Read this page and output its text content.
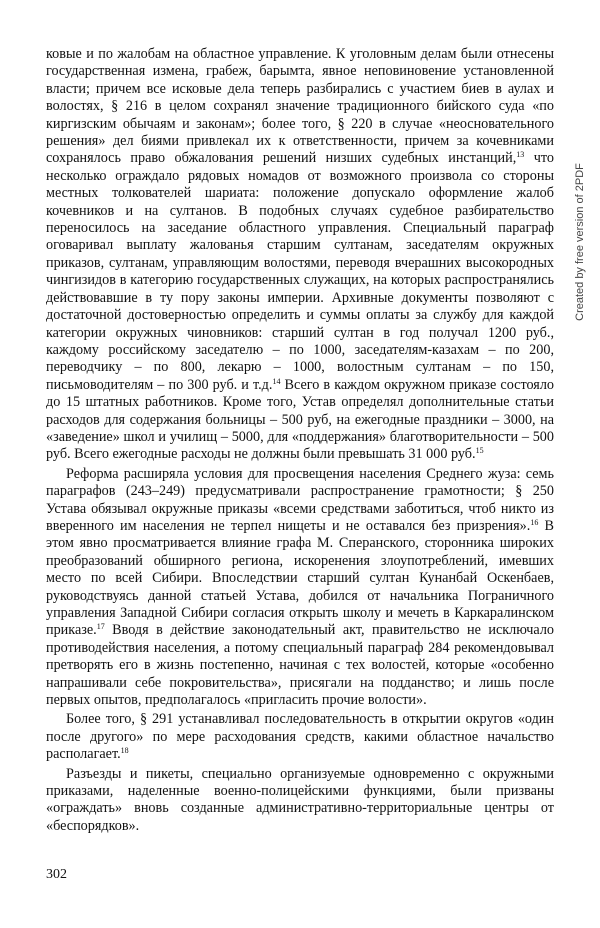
ковые и по жалобам на областное управление. К уголовным делам были отнесены государственная измена, грабеж, барымта, явное неповиновение установленной власти; причем все исковые дела теперь разбирались с участием биев в аулах и волостях, § 216 в целом сохранял значение традиционного бийского суда «по киргизским обычаям и законам»; более того, § 220 в случае «неосновательного решения» дел биями привлекал их к ответственности, причем за кочевниками сохранялось право обжалования решений низших судебных инстанций,$^{13}$ что несколько ограждало рядовых номадов от возможного произвола со стороны местных толкователей шариата: положение допускало оформление жалоб кочевников и на султанов. В подобных случаях судебное разбирательство переносилось на заседание областного управления. Специальный параграф оговаривал выплату жалованья старшим султанам, заседателям окружных приказов, султанам, управляющим волостями, переводя вчерашних высокородных чингизидов в категорию государственных служащих, на которых распространялись действовавшие в ту пору законы империи. Архивные документы позволяют с достаточной достоверностью определить и суммы оплаты за службу для каждой категории окружных чиновников: старший султан в год получал 1200 руб., каждому российскому заседателю – по 1000, заседателям-казахам – по 200, переводчику – по 800, лекарю – 1000, волостным султанам – по 150, письмоводителям – по 300 руб. и т.д.$^{14}$ Всего в каждом окружном приказе состояло до 15 штатных работников. Кроме того, Устав определял дополнительные статьи расходов для содержания больницы – 500 руб, на ежегодные праздники – 3000, на «заведение» школ и училищ – 5000, для «поддержания» благотворительности – 500 руб. Всего ежегодные расходы не должны были превышать 31 000 руб.$^{15}$

Реформа расширяла условия для просвещения населения Среднего жуза: семь параграфов (243–249) предусматривали распространение грамотности; § 250 Устава обязывал окружные приказы «всеми средствами заботиться, чтоб никто из вверенного им населения не терпел нищеты и не оставался без призрения».$^{16}$ В этом явно просматривается влияние графа М. Сперанского, сторонника широких преобразований обширного региона, искоренения злоупотреблений, имевших место по всей Сибири. Впоследствии старший султан Кунанбай Оскенбаев, руководствуясь данной статьей Устава, добился от начальника Пограничного управления Западной Сибири согласия открыть школу и мечеть в Каркаралинском приказе.$^{17}$ Вводя в действие законодательный акт, правительство не исключало противодействия населения, а потому специальный параграф 284 рекомендовывал претворять его в жизнь постепенно, начиная с тех волостей, которые «особенно напрашивали себе покровительства», присягали на подданство; и лишь после первых опытов, предполагалось «пригласить прочие волости».

Более того, § 291 устанавливал последовательность в открытии округов «один после другого» по мере расходования средств, какими областное начальство располагает.$^{18}$

Разъезды и пикеты, специально организуемые одновременно с окружными приказами, наделенные военно-полицейскими функциями, были призваны «ограждать» вновь созданные административно-территориальные центры от «беспорядков».

302
Created by free version of 2PDF
